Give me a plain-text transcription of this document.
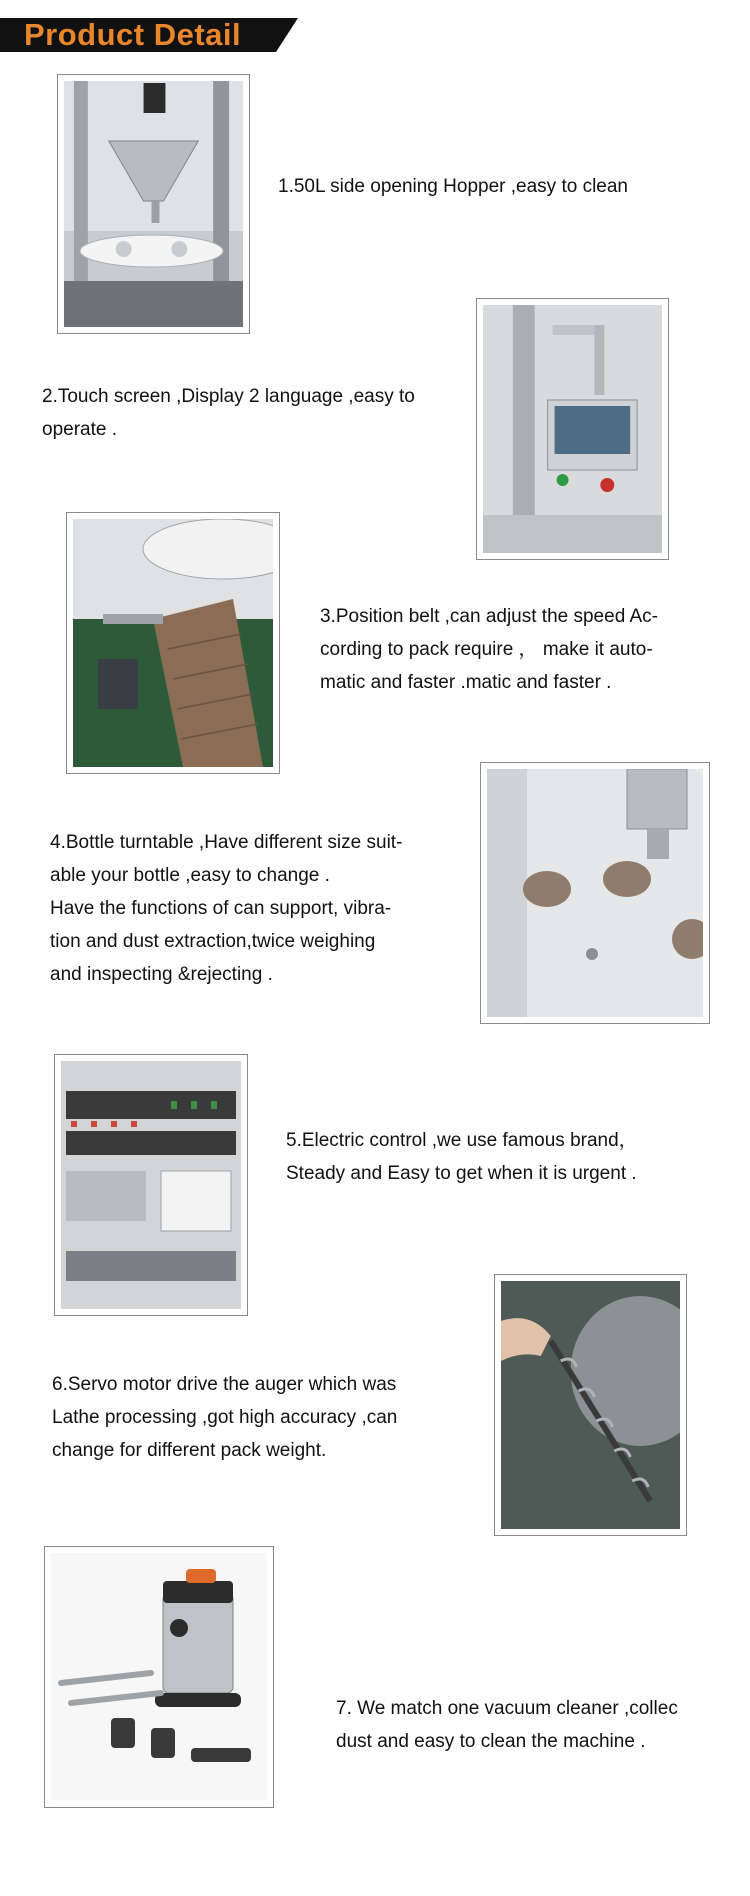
Product Detail
1.50L side opening Hopper ,easy to clean
2.Touch screen ,Display 2 language ,easy to
operate .
3.Position belt ,can adjust the speed Ac-
cording to pack require ， make it auto-
matic and faster .matic and faster .
4.Bottle turntable ,Have different size suit-
able your bottle ,easy to change .
Have the functions of can support, vibra-
tion and dust extraction,twice weighing
and inspecting &rejecting .
5.Electric control ,we use famous brand，
Steady and Easy to get when it is urgent .
6.Servo motor drive the auger which was
Lathe processing ,got high accuracy ,can
change for different pack weight.
7. We match one vacuum cleaner ,collec
dust and easy to clean the machine .
